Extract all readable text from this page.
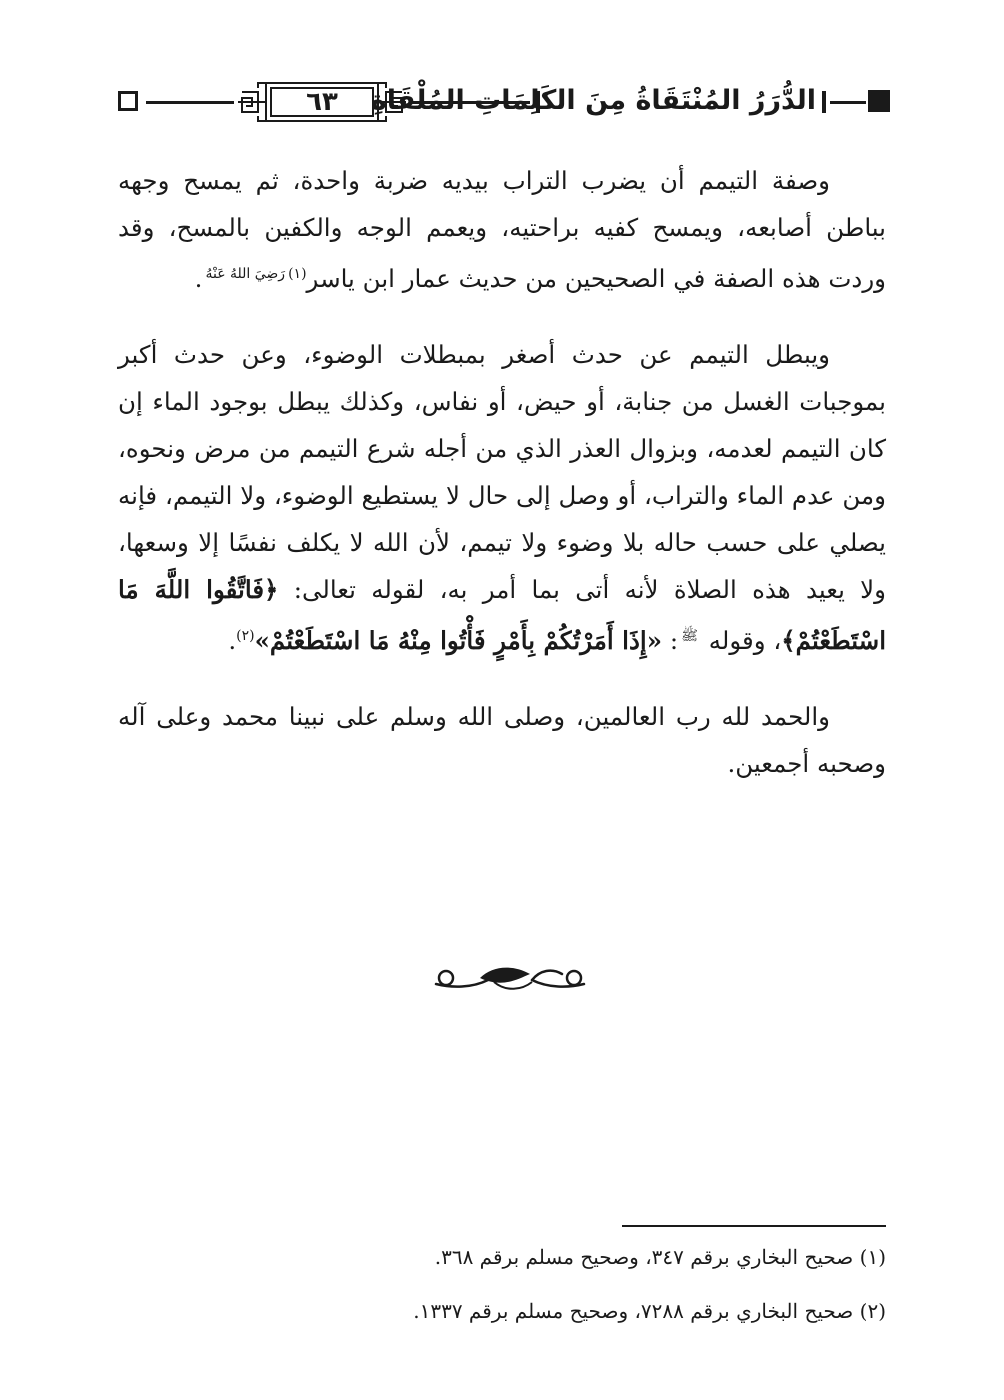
٦٣	الدُّرَرُ المُنْتَقَاةُ مِنَ الكَلِمَاتِ المُلْقَاةِ

وصفة التيمم أن يضرب التراب بيديه ضربة واحدة، ثم يمسح وجهه بباطن أصابعه، ويمسح كفيه براحتيه، ويعمم الوجه والكفين بالمسح، وقد وردت هذه الصفة في الصحيحين من حديث عمار ابن ياسر$^{(١)رَضِيَ اللهُ عَنْهُ}$.

ويبطل التيمم عن حدث أصغر بمبطلات الوضوء، وعن حدث أكبر بموجبات الغسل من جنابة، أو حيض، أو نفاس، وكذلك يبطل بوجود الماء إن كان التيمم لعدمه، وبزوال العذر الذي من أجله شرع التيمم من مرض ونحوه، ومن عدم الماء والتراب، أو وصل إلى حال لا يستطيع الوضوء، ولا التيمم، فإنه يصلي على حسب حاله بلا وضوء ولا تيمم، لأن الله لا يكلف نفسًا إلا وسعها، ولا يعيد هذه الصلاة لأنه أتى بما أمر به، لقوله تعالى: ﴿فَاتَّقُوا اللَّهَ مَا اسْتَطَعْتُمْ﴾، وقوله $^ﷺ$: «إِذَا أَمَرْتُكُمْ بِأَمْرٍ فَأْتُوا مِنْهُ مَا اسْتَطَعْتُمْ»$^{(٢)}$.

والحمد لله رب العالمين، وصلى الله وسلم على نبينا محمد وعلى آله وصحبه أجمعين.

(١) صحيح البخاري برقم ٣٤٧، وصحيح مسلم برقم ٣٦٨.

(٢) صحيح البخاري برقم ٧٢٨٨، وصحيح مسلم برقم ١٣٣٧.
